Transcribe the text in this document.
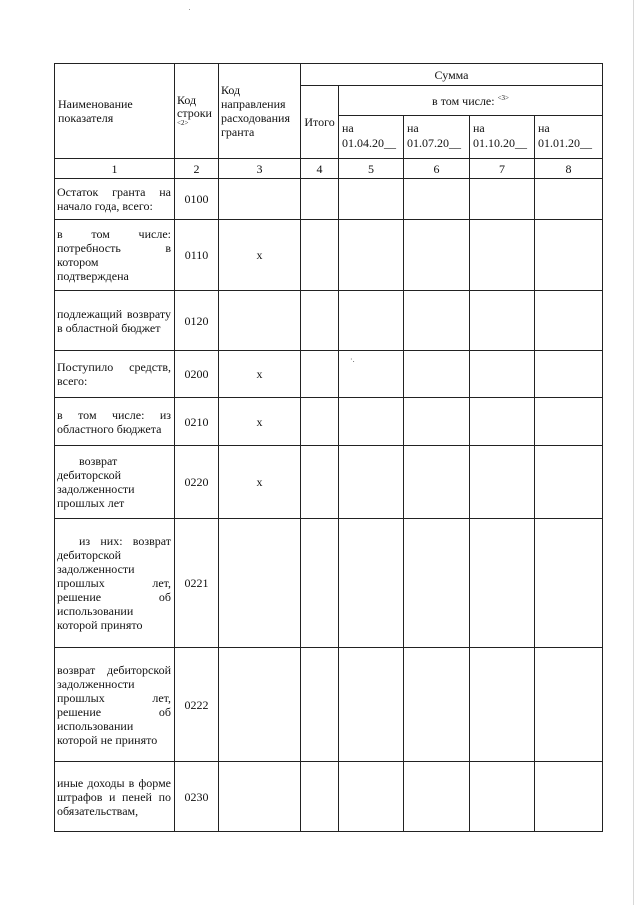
Наименование показателя	Код строки $^{<2>}$	Код направления расходования гранта	Сумма				
			Итого	в том числе: $^{<3>}$
				на 01.04.20__	на 01.07.20__	на 01.10.20__	на 01.01.20__
1	2	3	4	5	6	7	8
Остаток гранта на начало года, всего:	0100						
в том числе: потребность в котором подтверждена	0110	x					
подлежащий возврату в областной бюджет	0120						
Поступило средств, всего:	0200	x					
в том числе: из областного бюджета	0210	x					
возврат дебиторской задолженности прошлых лет	0220	x					
из них: возврат дебиторской задолженности прошлых лет, решение об использовании которой принято	0221						
возврат дебиторской задолженности прошлых лет, решение об использовании которой не принято	0222						
иные доходы в форме штрафов и пеней по обязательствам,	0230						
·.
